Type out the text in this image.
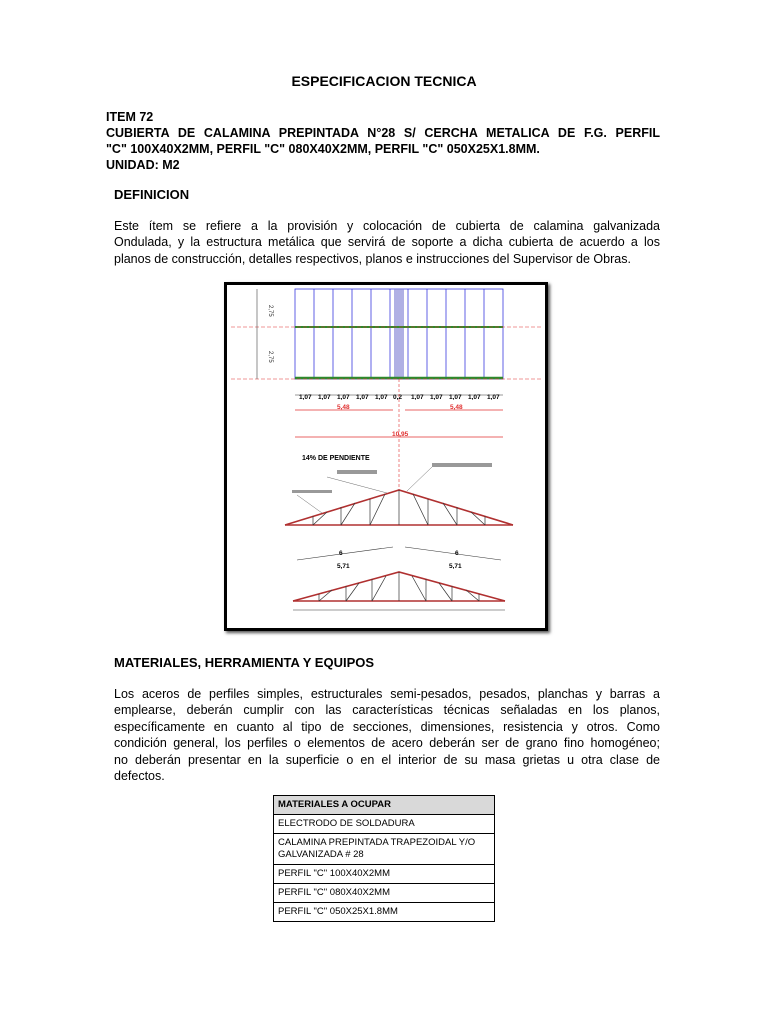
ESPECIFICACION TECNICA
ITEM 72
CUBIERTA DE CALAMINA PREPINTADA N°28 S/ CERCHA METALICA DE F.G. PERFIL
"C" 100X40X2MM, PERFIL "C" 080X40X2MM, PERFIL "C" 050X25X1.8MM.
UNIDAD: M2
DEFINICION
Este ítem se refiere a la provisión y colocación de cubierta de calamina galvanizada
Ondulada, y la estructura metálica que servirá de soporte a dicha cubierta de acuerdo a los
planos de construcción, detalles respectivos, planos e instrucciones del Supervisor de Obras.
2,75
2,75
1,07 1,07 1,07 1,07 1,07 0,2 1,07 1,07 1,07 1,07 1,07
5,48	5,48
10,95
14% DE PENDIENTE
6
5,71
6
5,71
MATERIALES, HERRAMIENTA Y EQUIPOS
Los aceros de perfiles simples, estructurales semi-pesados, pesados, planchas y barras a
emplearse, deberán cumplir con las características técnicas señaladas en los planos,
específicamente en cuanto al tipo de secciones, dimensiones, resistencia y otros. Como
condición general, los perfiles o elementos de acero deberán ser de grano fino homogéneo;
no deberán presentar en la superficie o en el interior de su masa grietas u otra clase de
defectos.
MATERIALES A OCUPAR
ELECTRODO DE SOLDADURA
CALAMINA PREPINTADA TRAPEZOIDAL Y/O GALVANIZADA # 28
PERFIL "C" 100X40X2MM
PERFIL "C" 080X40X2MM
PERFIL "C" 050X25X1.8MM
